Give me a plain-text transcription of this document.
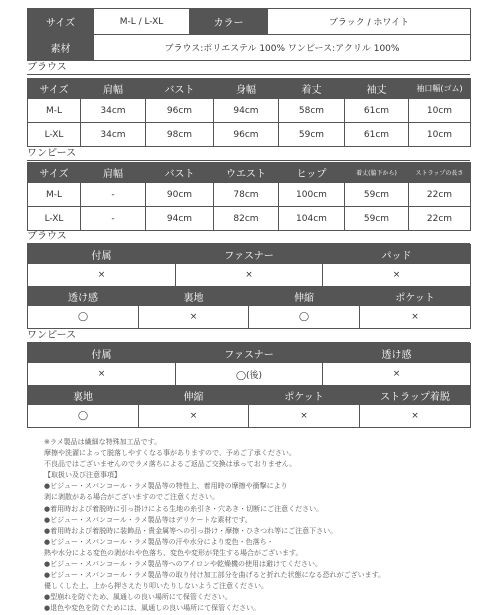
サイズ	M-L / L-XL	カラー	ブラック / ホワイト
素材	ブラウス:ポリエステル 100% ワンピース:アクリル 100%		
ブラウス
サイズ	肩幅	バスト	身幅	着丈	袖丈	袖口幅(ゴム)
M-L	34cm	96cm	94cm	58cm	61cm	10cm
L-XL	34cm	98cm	96cm	59cm	61cm	10cm
ワンピース
サイズ	肩幅	バスト	ウエスト	ヒップ	着丈(脇下から)	ストラップの長さ
M-L	-	90cm	78cm	100cm	59cm	22cm
L-XL	-	94cm	82cm	104cm	59cm	22cm
ブラウス
付属	ファスナー	パッド
×	×	×
透け感	裏地	伸縮	ポケット
◯	×	◯	×
ワンピース
付属	ファスナー	透け感
×	◯(後)	×
裏地	伸縮	ポケット	ストラップ着脱
◯	×	×	×
※ラメ製品は繊細な特殊加工品です。
摩擦や洗濯によって脱落しやすくなる事がありますので、予めご了承ください。
不良品ではございませんのでラメ落ちによるご返品ご交換は承っておりません。
【取扱い及び注意事項】
●ビジュー・スパンコール・ラメ製品等の特性上、着用時の摩擦や衝撃により
剥に剥散がある場合がございますのでご注意ください。
●着用時および着脱時に引っ掛けによる生地の糸引き・穴あき・切断にご注意ください。
●ビジュー・スパンコール・ラメ製品等はデリケートな素材です。
●着用時および着脱時に装飾品・貴金属等への引っ掛け・摩擦・ひきつれ等にご注意下さい。
●ビジュー・スパンコール・ラメ製品等の汗や水分により変色・色落ち・
熱や水分による変色の剥がれや色落ち、変色や変形が発生する場合がございます。
●ビジュー・スパンコール・ラメ製品等へのアイロンや乾燥機の使用は避けてください。
●ビジュー・スパンコール・ラメ製品等の取り付け加工部分を曲げると折れた状態になる恐れがございます。
優しくした上、上から押さえたり叩いたりしないようご注意ください。
●型崩れを防ぐため、風通しの良い場所にて保管ください。
●退色や変色を防ぐためには、風通しの良い場所にて保管ください。
